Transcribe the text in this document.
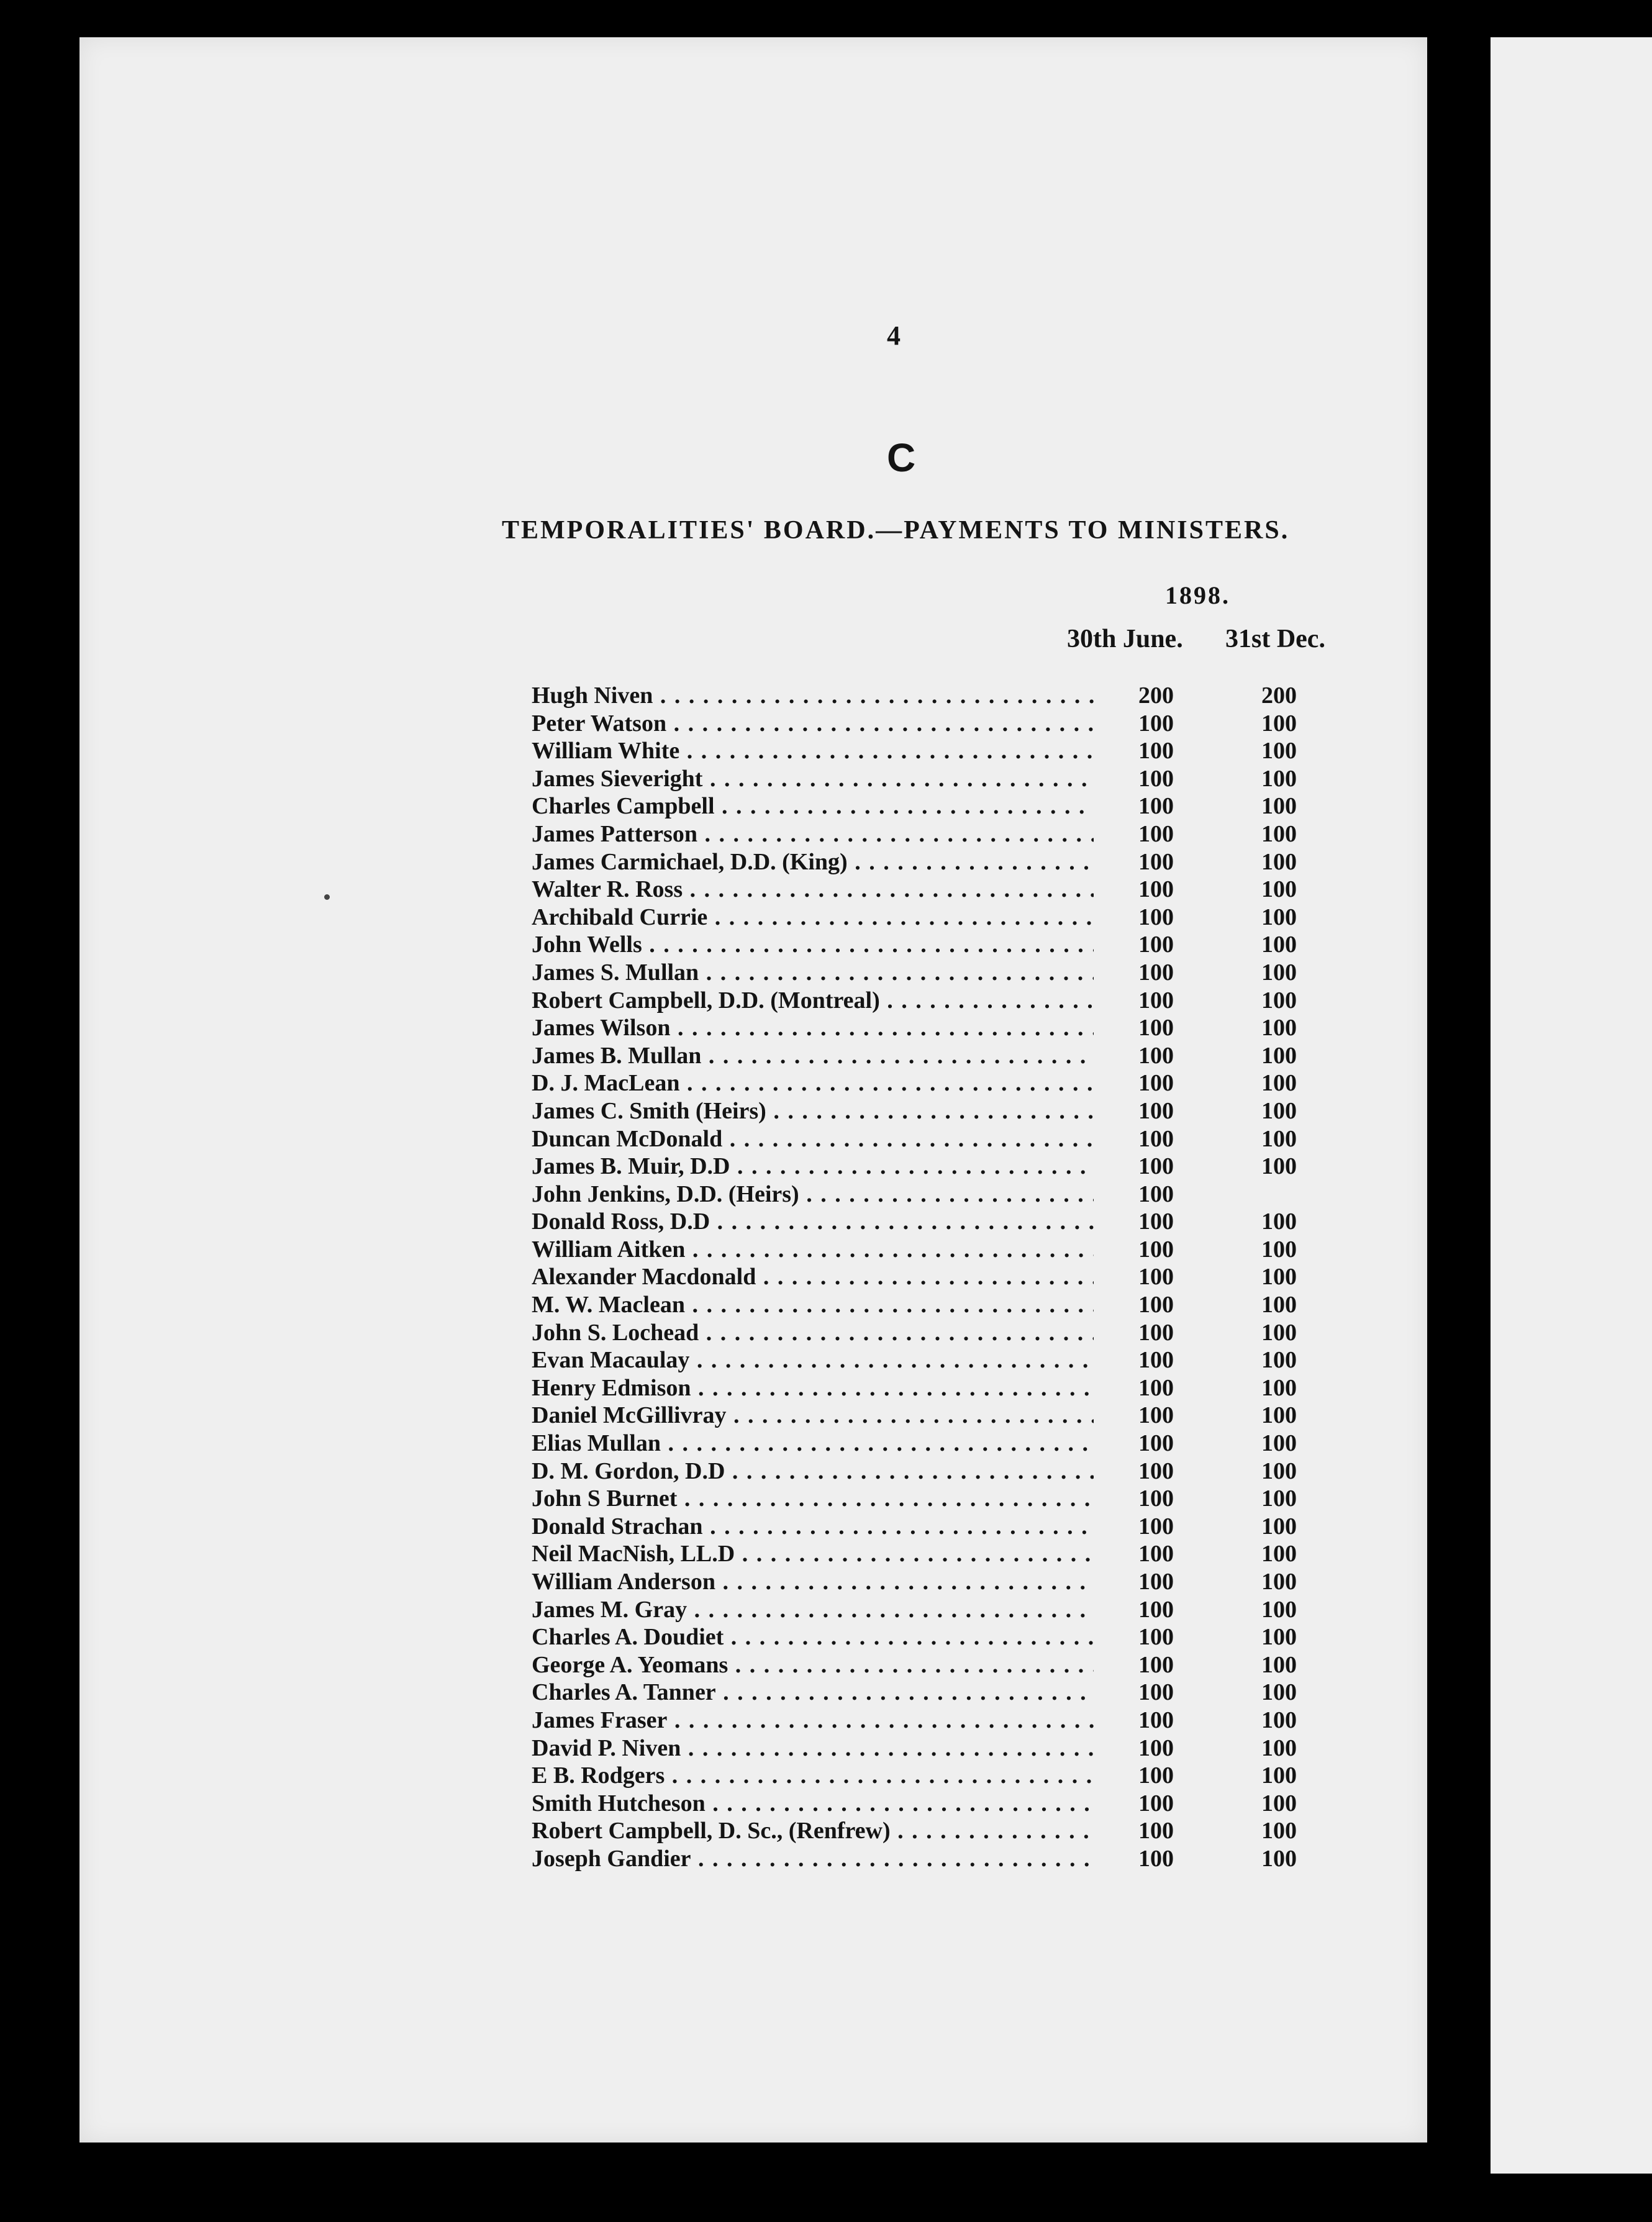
4
C
TEMPORALITIES' BOARD.—PAYMENTS TO MINISTERS.
1898.
30th June. 31st Dec.
Hugh Niven . . .	200	200
Peter Watson . . .	100	100
William White . . .	100	100
James Sieveright . . .	100	100
Charles Campbell . . .	100	100
James Patterson . . .	100	100
James Carmichael, D.D. (King) . . .	100	100
Walter R. Ross . . .	100	100
Archibald Currie . . .	100	100
John Wells . . .	100	100
James S. Mullan . . .	100	100
Robert Campbell, D.D. (Montreal) . . .	100	100
James Wilson . . .	100	100
James B. Mullan . . .	100	100
D. J. MacLean . . .	100	100
James C. Smith (Heirs) . . .	100	100
Duncan McDonald . . .	100	100
James B. Muir, D.D . . .	100	100
John Jenkins, D.D. (Heirs) . . .	100
Donald Ross, D.D . . .	100	100
William Aitken . . .	100	100
Alexander Macdonald . . .	100	100
M. W. Maclean . . .	100	100
John S. Lochead . . .	100	100
Evan Macaulay . . .	100	100
Henry Edmison . . .	100	100
Daniel McGillivray . . .	100	100
Elias Mullan . . .	100	100
D. M. Gordon, D.D . . .	100	100
John S Burnet . . .	100	100
Donald Strachan . . .	100	100
Neil MacNish, LL.D . . .	100	100
William Anderson . . .	100	100
James M. Gray . . .	100	100
Charles A. Doudiet . . .	100	100
George A. Yeomans . . .	100	100
Charles A. Tanner . . .	100	100
James Fraser . . .	100	100
David P. Niven . . .	100	100
E B. Rodgers . . .	100	100
Smith Hutcheson . . .	100	100
Robert Campbell, D. Sc., (Renfrew) . . .	100	100
Joseph Gandier . . .	100	100
